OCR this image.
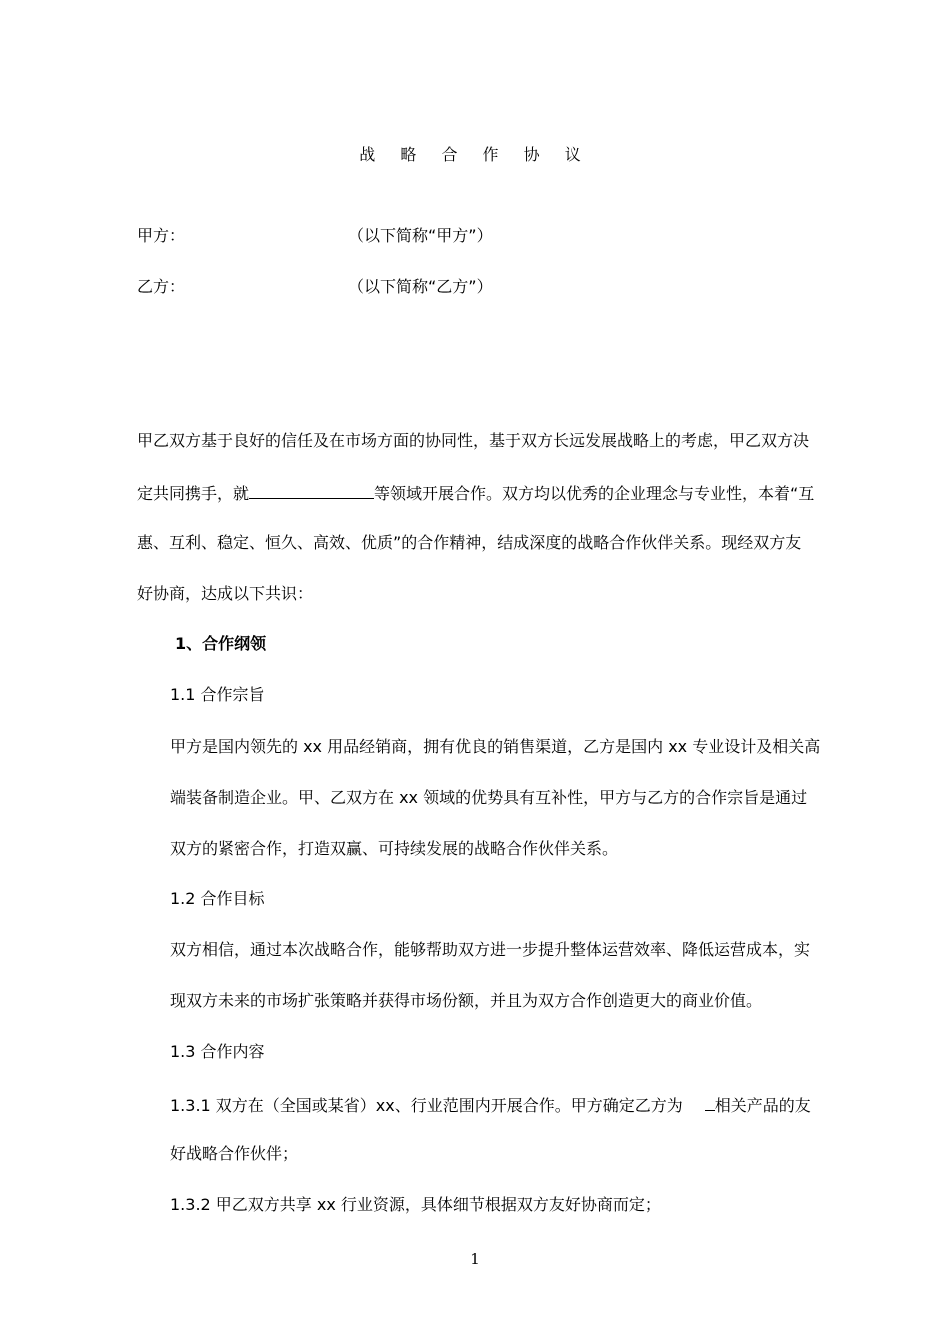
战 略 合 作 协 议
甲方：	（以下简称“甲方”）
乙方：	（以下简称“乙方”）
甲乙双方基于良好的信任及在市场方面的协同性，基于双方长远发展战略上的考虑，甲乙双方决
定共同携手，就	等领域开展合作。双方均以优秀的企业理念与专业性，本着“互
惠、互利、稳定、恒久、高效、优质”的合作精神，结成深度的战略合作伙伴关系。现经双方友
好协商，达成以下共识：
1、合作纲领
1.1 合作宗旨
甲方是国内领先的 xx 用品经销商，拥有优良的销售渠道，乙方是国内 xx 专业设计及相关高
端装备制造企业。甲、乙双方在 xx 领域的优势具有互补性，甲方与乙方的合作宗旨是通过
双方的紧密合作，打造双赢、可持续发展的战略合作伙伴关系。
1.2 合作目标
双方相信，通过本次战略合作，能够帮助双方进一步提升整体运营效率、降低运营成本，实
现双方未来的市场扩张策略并获得市场份额，并且为双方合作创造更大的商业价值。
1.3 合作内容
1.3.1 双方在（全国或某省）xx、行业范围内开展合作。甲方确定乙方为 相关产品的友
好战略合作伙伴；
1.3.2 甲乙双方共享 xx 行业资源，具体细节根据双方友好协商而定；
1
